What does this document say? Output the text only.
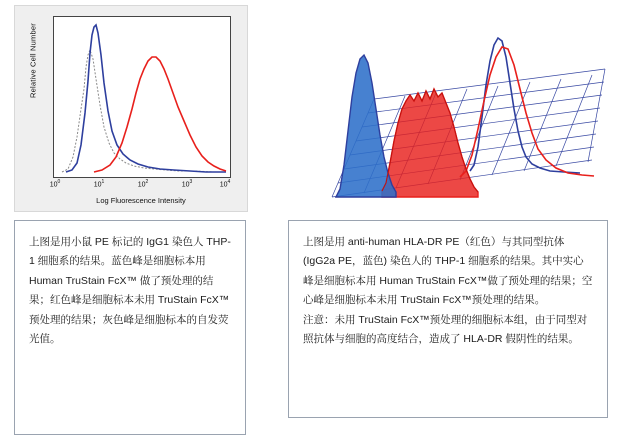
Relative Cell Number
$10^0$	$10^1$	$10^2$	$10^3$	$10^4$
Log Fluorescence Intensity

上图是用小鼠 PE 标记的 IgG1 染色人 THP-1 细胞系的结果。蓝色峰是细胞标本用 Human TruStain FcX™ 做了预处理的结果；红色峰是细胞标本未用 TruStain FcX™ 预处理的结果；灰色峰是细胞标本的自发荧光值。

上图是用 anti-human HLA-DR PE（红色）与其同型抗体(IgG2a PE，蓝色) 染色人的 THP-1 细胞系的结果。其中实心峰是细胞标本用 Human TruStain FcX™做了预处理的结果；空心峰是细胞标本未用 TruStain FcX™预处理的结果。

注意：未用 TruStain FcX™预处理的细胞标本组，由于同型对照抗体与细胞的高度结合，造成了 HLA-DR 假阴性的结果。
